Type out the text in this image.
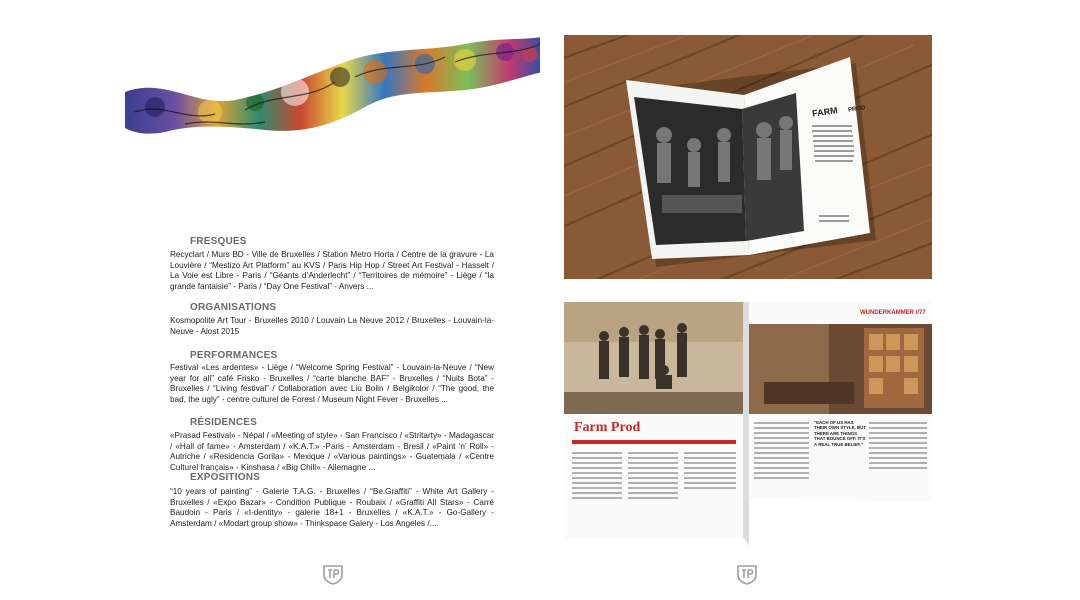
FRESQUES
Recyclart / Murs BD - Ville de Bruxelles / Station Metro Horta / Centre de la gravure - La Louvière / “Mestizo Art Platform” au KVS / Paris Hip Hop / Street Art Festival - Hasselt / La Voie est Libre - Paris / “Géants d’Anderlecht” / “Territoires de mémoire” - Liège / “la grande fantaisie” - Paris / “Day One Festival” - Anvers ...
ORGANISATIONS
Kosmopolite Art Tour - Bruxelles 2010 / Louvain La Neuve 2012 / Bruxelles - Louvain-la-Neuve - Alost 2015
PERFORMANCES
Festival «Les ardentes» - Liège / “Welcome Spring Festival” - Louvain-la-Neuve / “New year for all” café Frisko - Bruxelles / “carte blanche BAF” - Bruxelles / “Nuits Bota” - Bruxelles / “Living festival” / Collaboration avec Liu Bolin / Belgikolor / “The good, the bad, the ugly” - centre culturel de Forest / Museum Night Fever - Bruxelles ...
RÉSIDENCES
«Prasad Festival» - Népal / «Meeting of style» - San Francisco / «Stritarty» - Madagascar / «Hall of fame» - Amsterdam / «K.A.T.» -Paris - Amsterdam - Bresil / «Paint ‘n’ Roll» - Autriche / «Residencia Gorila» - Mexique / «Various paintings» - Guatemala / «Centre Culturel français» - Kinshasa / «Big Chill» - Allemagne ...
EXPOSITIONS
“10 years of painting” - Galerie T.A.G. - Bruxelles / “Be.Graffiti” - White Art Gallery - Bruxelles / «Expo Bazar» - Condition Publique - Roubaix / «Graffiti All Stars» - Carré Baudoin - Paris / «I-dentity» - galerie 18+1 - Bruxelles / «K.A.T.» - Go-Gallery - Amsterdam / «Modart group show» - Thinkspace Galery - Los Angeles /...
FARM PROD
WUNDERKAMMER //77
Farm Prod	"EACH OF US HAS THEIR OWN STYLE, BUT THERE ARE THINGS THAT BOUNCE OFF. IT'S A REAL TRUE BELIEF."
